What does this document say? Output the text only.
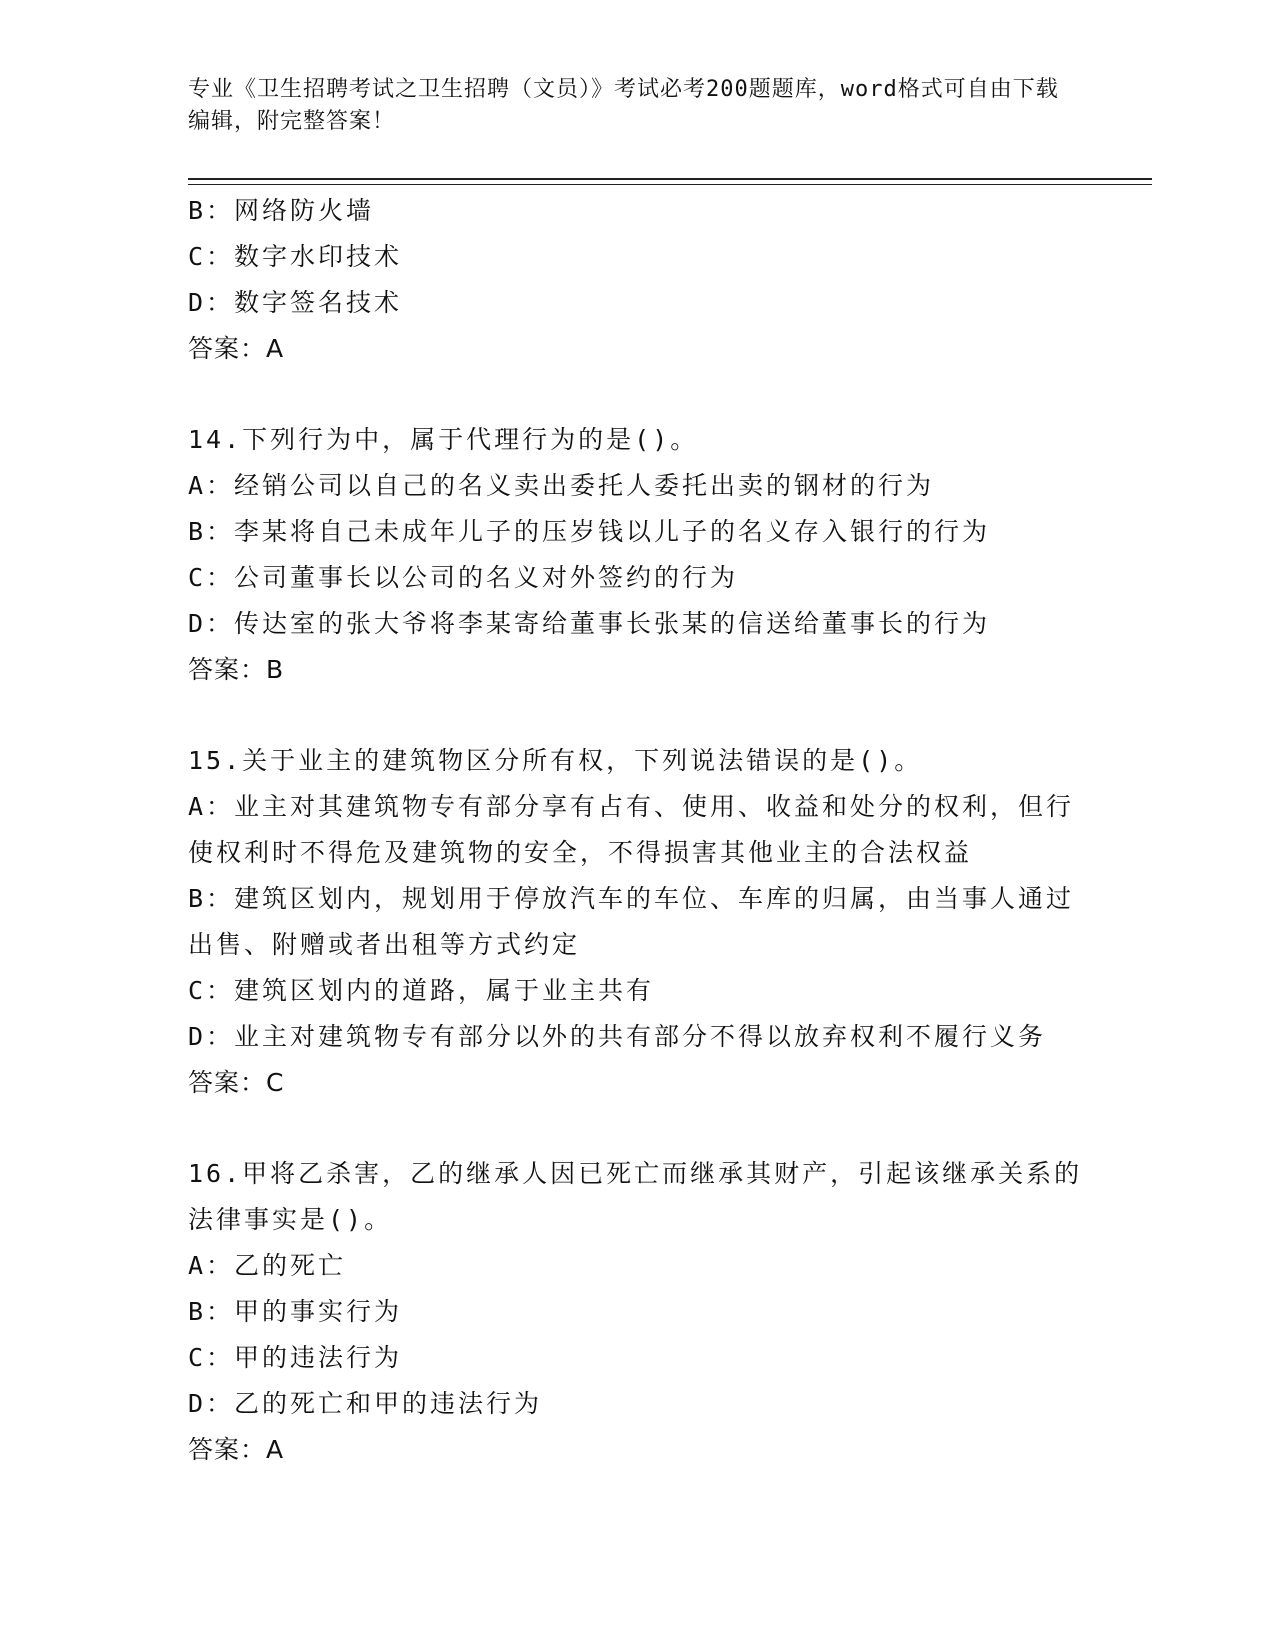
专业《卫生招聘考试之卫生招聘（文员）》考试必考200题题库，word格式可自由下载编辑，附完整答案！
B：网络防火墙
C：数字水印技术
D：数字签名技术
答案：A
14.下列行为中，属于代理行为的是()。
A：经销公司以自己的名义卖出委托人委托出卖的钢材的行为
B：李某将自己未成年儿子的压岁钱以儿子的名义存入银行的行为
C：公司董事长以公司的名义对外签约的行为
D：传达室的张大爷将李某寄给董事长张某的信送给董事长的行为
答案：B
15.关于业主的建筑物区分所有权，下列说法错误的是()。
A：业主对其建筑物专有部分享有占有、使用、收益和处分的权利，但行使权利时不得危及建筑物的安全，不得损害其他业主的合法权益
B：建筑区划内，规划用于停放汽车的车位、车库的归属，由当事人通过出售、附赠或者出租等方式约定
C：建筑区划内的道路，属于业主共有
D：业主对建筑物专有部分以外的共有部分不得以放弃权利不履行义务
答案：C
16.甲将乙杀害，乙的继承人因已死亡而继承其财产，引起该继承关系的法律事实是()。
A：乙的死亡
B：甲的事实行为
C：甲的违法行为
D：乙的死亡和甲的违法行为
答案：A
